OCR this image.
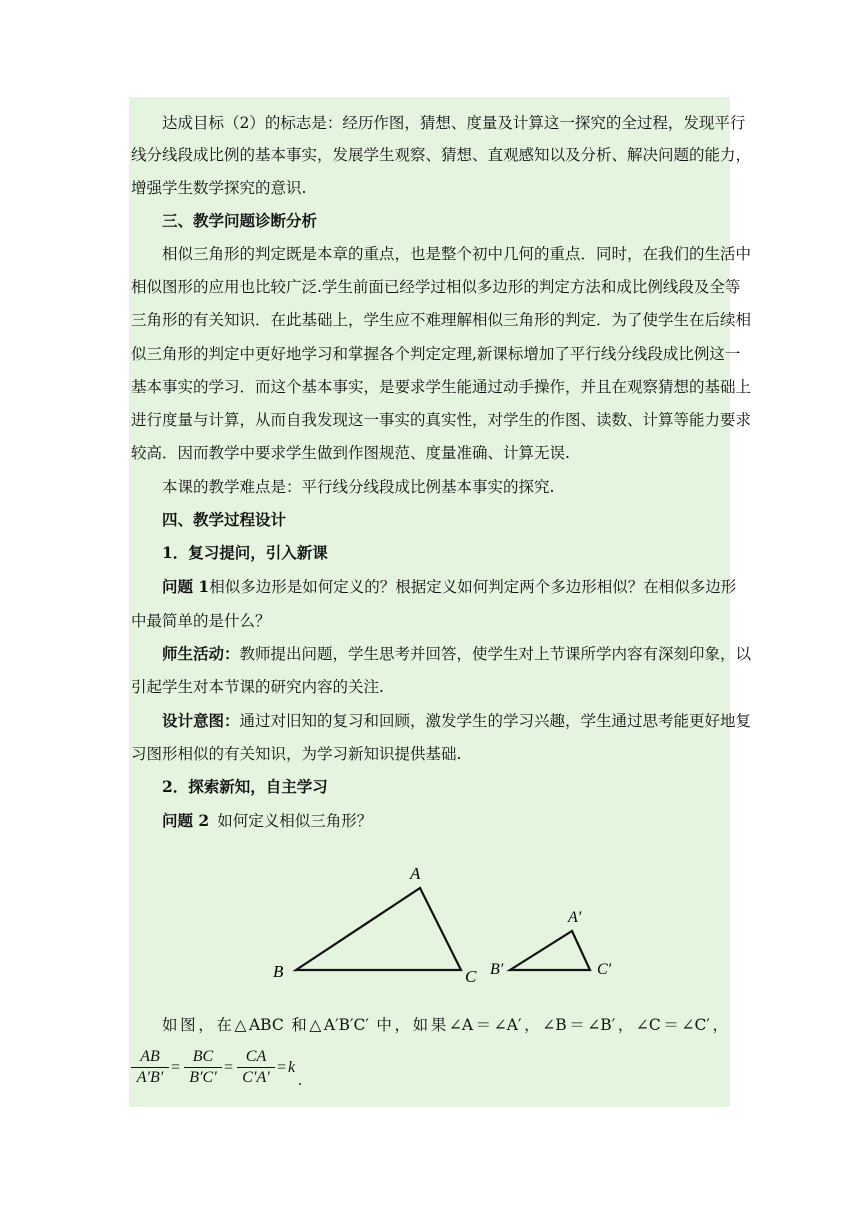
达成目标（2）的标志是：经历作图，猜想、度量及计算这一探究的全过程，发现平行
线分线段成比例的基本事实，发展学生观察、猜想、直观感知以及分析、解决问题的能力，
增强学生数学探究的意识.
三、教学问题诊断分析
相似三角形的判定既是本章的重点，也是整个初中几何的重点．同时，在我们的生活中
相似图形的应用也比较广泛.学生前面已经学过相似多边形的判定方法和成比例线段及全等
三角形的有关知识．在此基础上，学生应不难理解相似三角形的判定．为了使学生在后续相
似三角形的判定中更好地学习和掌握各个判定定理,新课标增加了平行线分线段成比例这一
基本事实的学习．而这个基本事实，是要求学生能通过动手操作，并且在观察猜想的基础上
进行度量与计算，从而自我发现这一事实的真实性，对学生的作图、读数、计算等能力要求
较高．因而教学中要求学生做到作图规范、度量准确、计算无误.
本课的教学难点是：平行线分线段成比例基本事实的探究.
四、教学过程设计
1．复习提问，引入新课
问题 1相似多边形是如何定义的？根据定义如何判定两个多边形相似？在相似多边形
中最简单的是什么？
师生活动：教师提出问题，学生思考并回答，使学生对上节课所学内容有深刻印象，以
引起学生对本节课的研究内容的关注.
设计意图：通过对旧知的复习和回顾，激发学生的学习兴趣，学生通过思考能更好地复
习图形相似的有关知识，为学习新知识提供基础.
2．探索新知，自主学习
问题 2 如何定义相似三角形？
A
B	C
A′
B′	C′
如图，在△ABC 和△A′B′C′ 中，如果∠A＝∠A′，∠B＝∠B′，∠C＝∠C′，
$\frac{AB}{A'B'} = \frac{BC}{B'C'} = \frac{CA}{C'A'} = k$
.
